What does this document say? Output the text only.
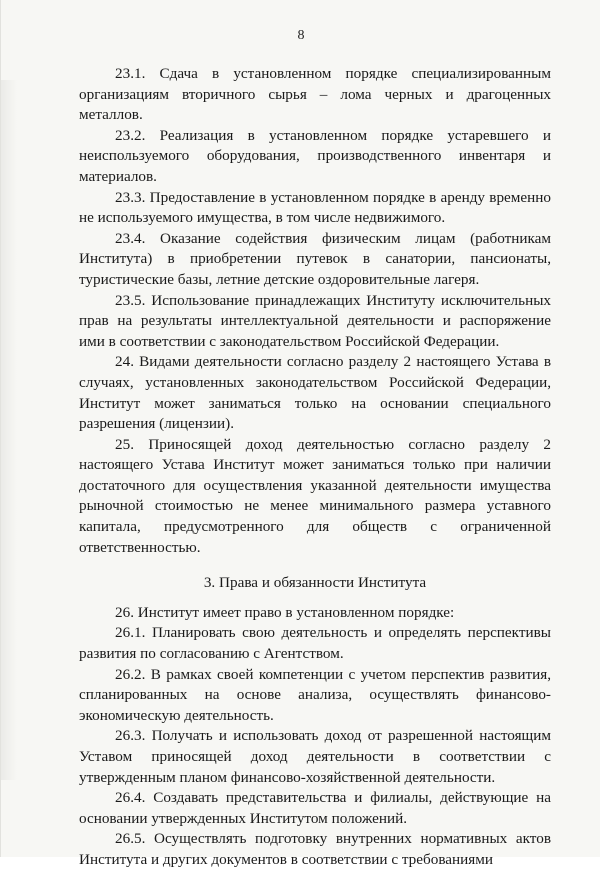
8

23.1. Сдача в установленном порядке специализированным организациям вторичного сырья – лома черных и драгоценных металлов.

23.2. Реализация в установленном порядке устаревшего и неиспользуемого оборудования, производственного инвентаря и материалов.

23.3. Предоставление в установленном порядке в аренду временно не используемого имущества, в том числе недвижимого.

23.4. Оказание содействия физическим лицам (работникам Института) в приобретении путевок в санатории, пансионаты, туристические базы, летние детские оздоровительные лагеря.

23.5. Использование принадлежащих Институту исключительных прав на результаты интеллектуальной деятельности и распоряжение ими в соответствии с законодательством Российской Федерации.

24. Видами деятельности согласно разделу 2 настоящего Устава в случаях, установленных законодательством Российской Федерации, Институт может заниматься только на основании специального разрешения (лицензии).

25. Приносящей доход деятельностью согласно разделу 2 настоящего Устава Институт может заниматься только при наличии достаточного для осуществления указанной деятельности имущества рыночной стоимостью не менее минимального размера уставного капитала, предусмотренного для обществ с ограниченной ответственностью.

3. Права и обязанности Института

26. Институт имеет право в установленном порядке:

26.1. Планировать свою деятельность и определять перспективы развития по согласованию с Агентством.

26.2. В рамках своей компетенции с учетом перспектив развития, спланированных на основе анализа, осуществлять финансово-экономическую деятельность.

26.3. Получать и использовать доход от разрешенной настоящим Уставом приносящей доход деятельности в соответствии с утвержденным планом финансово-хозяйственной деятельности.

26.4. Создавать представительства и филиалы, действующие на основании утвержденных Институтом положений.

26.5. Осуществлять подготовку внутренних нормативных актов Института и других документов в соответствии с требованиями
